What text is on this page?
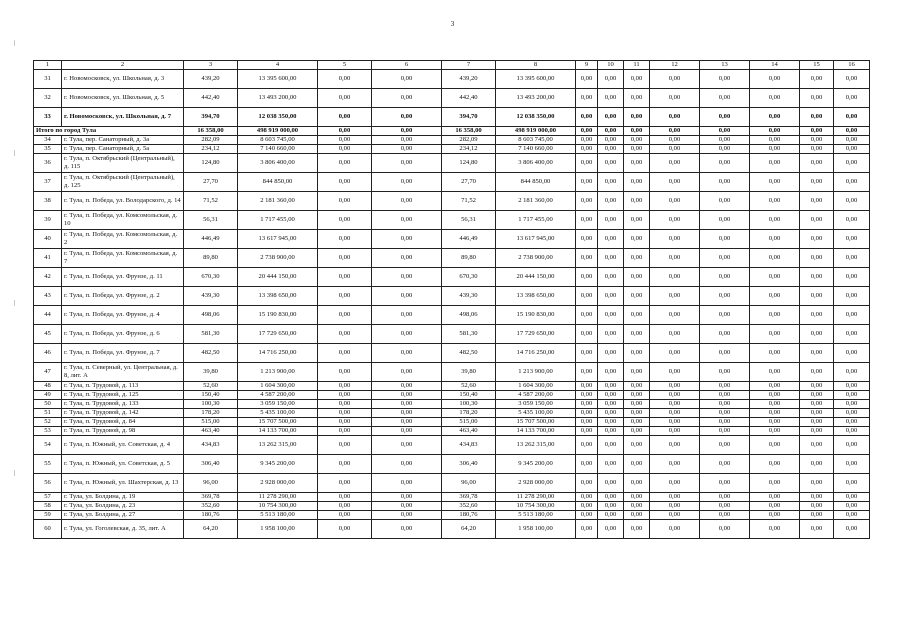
3
1	2	3	4	5	6	7	8	9	10	11	12	13	14	15	16
31	г. Новомосковск, ул. Школьная, д. 3	439,20	13 395 600,00	0,00	0,00	439,20	13 395 600,00	0,00	0,00	0,00	0,00	0,00	0,00	0,00	0,00
32	г. Новомосковск, ул. Школьная, д. 5	442,40	13 493 200,00	0,00	0,00	442,40	13 493 200,00	0,00	0,00	0,00	0,00	0,00	0,00	0,00	0,00
33	г. Новомосковск, ул. Школьная, д. 7	394,70	12 038 350,00	0,00	0,00	394,70	12 038 350,00	0,00	0,00	0,00	0,00	0,00	0,00	0,00	0,00
Итого по город Тула		16 358,00	498 919 000,00	0,00	0,00	16 358,00	498 919 000,00	0,00	0,00	0,00	0,00	0,00	0,00	0,00	0,00
34	г. Тула, пер. Санаторный, д. 3а	282,09	8 603 745,00	0,00	0,00	282,09	8 603 745,00	0,00	0,00	0,00	0,00	0,00	0,00	0,00	0,00
35	г. Тула, пер. Санаторный, д. 5а	234,12	7 140 660,00	0,00	0,00	234,12	7 140 660,00	0,00	0,00	0,00	0,00	0,00	0,00	0,00	0,00
36	г. Тула, п. Октябрьский (Центральный), д. 115	124,80	3 806 400,00	0,00	0,00	124,80	3 806 400,00	0,00	0,00	0,00	0,00	0,00	0,00	0,00	0,00
37	г. Тула, п. Октябрьский (Центральный), д. 125	27,70	844 850,00	0,00	0,00	27,70	844 850,00	0,00	0,00	0,00	0,00	0,00	0,00	0,00	0,00
38	г. Тула, п. Победа, ул. Володарского, д. 14	71,52	2 181 360,00	0,00	0,00	71,52	2 181 360,00	0,00	0,00	0,00	0,00	0,00	0,00	0,00	0,00
39	г. Тула, п. Победа, ул. Комсомольская, д. 10	56,31	1 717 455,00	0,00	0,00	56,31	1 717 455,00	0,00	0,00	0,00	0,00	0,00	0,00	0,00	0,00
40	г. Тула, п. Победа, ул. Комсомольская, д. 2	446,49	13 617 945,00	0,00	0,00	446,49	13 617 945,00	0,00	0,00	0,00	0,00	0,00	0,00	0,00	0,00
41	г. Тула, п. Победа, ул. Комсомольская, д. 7	89,80	2 738 900,00	0,00	0,00	89,80	2 738 900,00	0,00	0,00	0,00	0,00	0,00	0,00	0,00	0,00
42	г. Тула, п. Победа, ул. Фрунзе, д. 11	670,30	20 444 150,00	0,00	0,00	670,30	20 444 150,00	0,00	0,00	0,00	0,00	0,00	0,00	0,00	0,00
43	г. Тула, п. Победа, ул. Фрунзе, д. 2	439,30	13 398 650,00	0,00	0,00	439,30	13 398 650,00	0,00	0,00	0,00	0,00	0,00	0,00	0,00	0,00
44	г. Тула, п. Победа, ул. Фрунзе, д. 4	498,06	15 190 830,00	0,00	0,00	498,06	15 190 830,00	0,00	0,00	0,00	0,00	0,00	0,00	0,00	0,00
45	г. Тула, п. Победа, ул. Фрунзе, д. 6	581,30	17 729 650,00	0,00	0,00	581,30	17 729 650,00	0,00	0,00	0,00	0,00	0,00	0,00	0,00	0,00
46	г. Тула, п. Победа, ул. Фрунзе, д. 7	482,50	14 716 250,00	0,00	0,00	482,50	14 716 250,00	0,00	0,00	0,00	0,00	0,00	0,00	0,00	0,00
47	г. Тула, п. Северный, ул. Центральная, д. 8, лит. А	39,80	1 213 900,00	0,00	0,00	39,80	1 213 900,00	0,00	0,00	0,00	0,00	0,00	0,00	0,00	0,00
48	г. Тула, п. Трудовой, д. 113	52,60	1 604 300,00	0,00	0,00	52,60	1 604 300,00	0,00	0,00	0,00	0,00	0,00	0,00	0,00	0,00
49	г. Тула, п. Трудовой, д. 125	150,40	4 587 200,00	0,00	0,00	150,40	4 587 200,00	0,00	0,00	0,00	0,00	0,00	0,00	0,00	0,00
50	г. Тула, п. Трудовой, д. 133	100,30	3 059 150,00	0,00	0,00	100,30	3 059 150,00	0,00	0,00	0,00	0,00	0,00	0,00	0,00	0,00
51	г. Тула, п. Трудовой, д. 142	178,20	5 435 100,00	0,00	0,00	178,20	5 435 100,00	0,00	0,00	0,00	0,00	0,00	0,00	0,00	0,00
52	г. Тула, п. Трудовой, д. 84	515,00	15 707 500,00	0,00	0,00	515,00	15 707 500,00	0,00	0,00	0,00	0,00	0,00	0,00	0,00	0,00
53	г. Тула, п. Трудовой, д. 98	463,40	14 133 700,00	0,00	0,00	463,40	14 133 700,00	0,00	0,00	0,00	0,00	0,00	0,00	0,00	0,00
54	г. Тула, п. Южный, ул. Советская, д. 4	434,83	13 262 315,00	0,00	0,00	434,83	13 262 315,00	0,00	0,00	0,00	0,00	0,00	0,00	0,00	0,00
55	г. Тула, п. Южный, ул. Советская, д. 5	306,40	9 345 200,00	0,00	0,00	306,40	9 345 200,00	0,00	0,00	0,00	0,00	0,00	0,00	0,00	0,00
56	г. Тула, п. Южный, ул. Шахтерская, д. 13	96,00	2 928 000,00	0,00	0,00	96,00	2 928 000,00	0,00	0,00	0,00	0,00	0,00	0,00	0,00	0,00
57	г. Тула, ул. Болдина, д. 19	369,78	11 278 290,00	0,00	0,00	369,78	11 278 290,00	0,00	0,00	0,00	0,00	0,00	0,00	0,00	0,00
58	г. Тула, ул. Болдина, д. 23	352,60	10 754 300,00	0,00	0,00	352,60	10 754 300,00	0,00	0,00	0,00	0,00	0,00	0,00	0,00	0,00
59	г. Тула, ул. Болдина, д. 27	180,76	5 513 180,00	0,00	0,00	180,76	5 513 180,00	0,00	0,00	0,00	0,00	0,00	0,00	0,00	0,00
60	г. Тула, ул. Гоголевская, д. 35, лит. А	64,20	1 958 100,00	0,00	0,00	64,20	1 958 100,00	0,00	0,00	0,00	0,00	0,00	0,00	0,00	0,00
